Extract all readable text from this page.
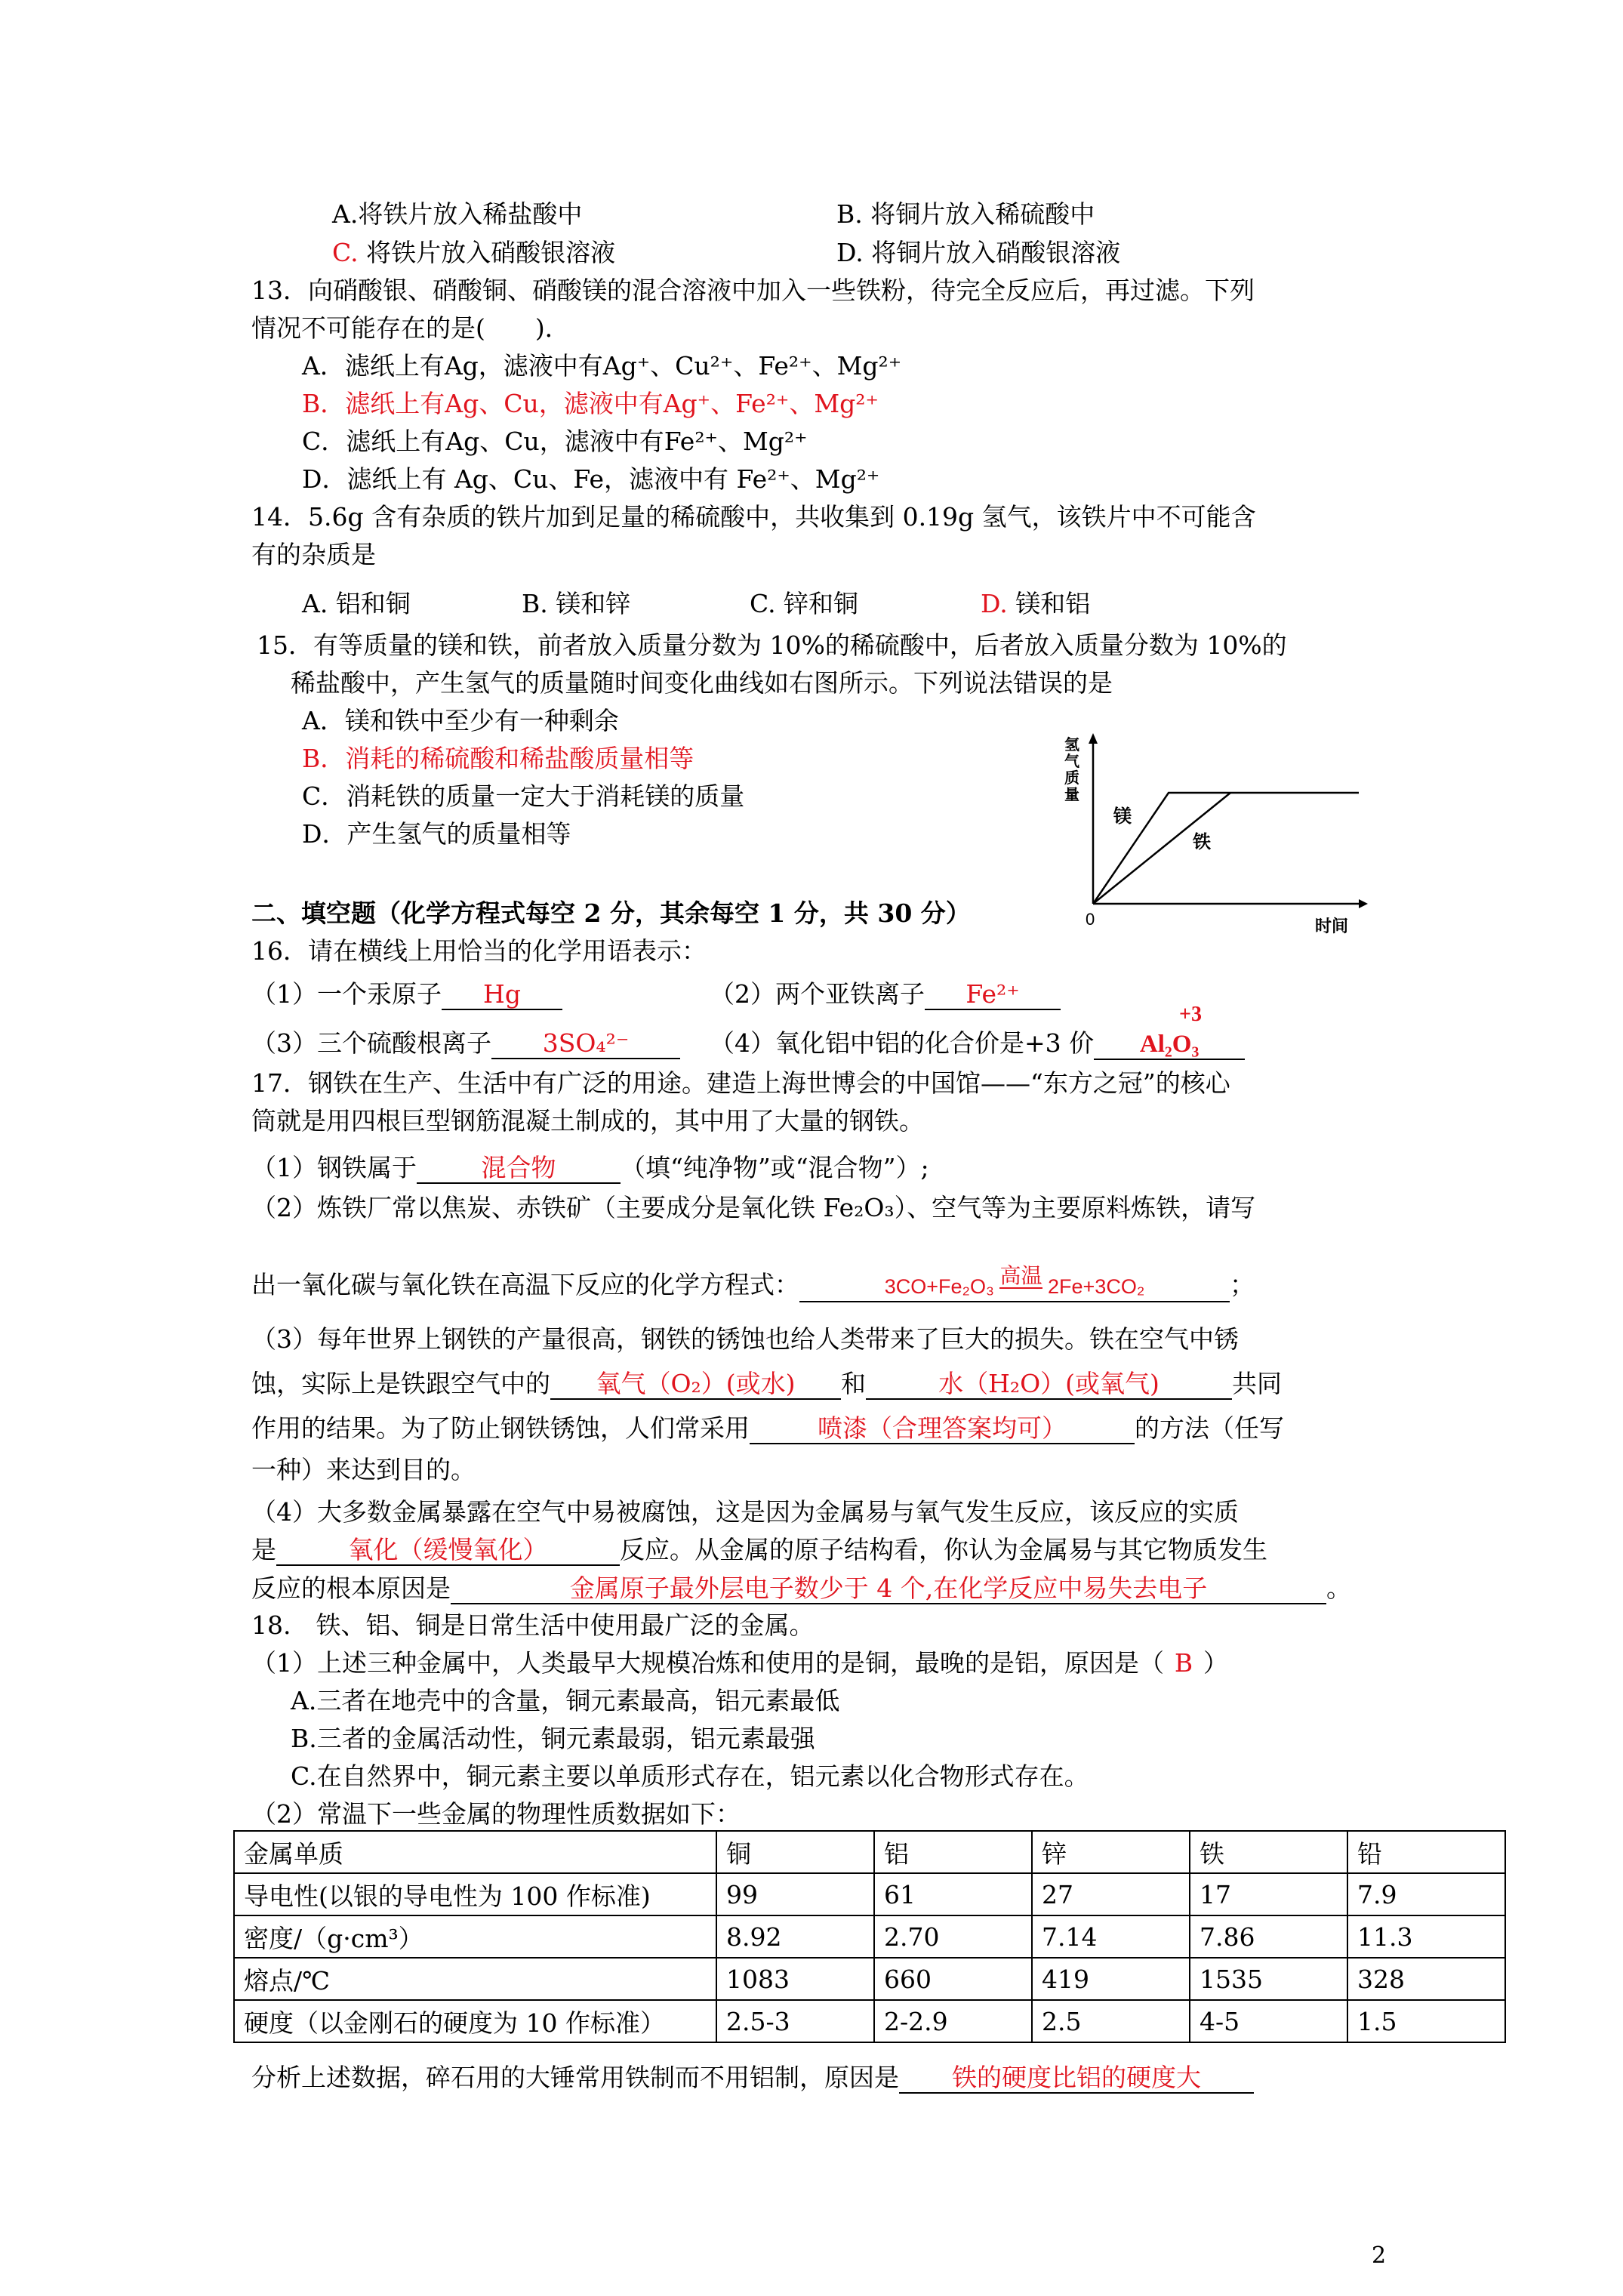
A.将铁片放入稀盐酸中	B. 将铜片放入稀硫酸中
C. 将铁片放入硝酸银溶液	D. 将铜片放入硝酸银溶液
13．向硝酸银、硝酸铜、硝酸镁的混合溶液中加入一些铁粉，待完全反应后，再过滤。下列
情况不可能存在的是(　　)．
A．滤纸上有Ag，滤液中有Ag⁺、Cu²⁺、Fe²⁺、Mg²⁺
B．滤纸上有Ag、Cu，滤液中有Ag⁺、Fe²⁺、Mg²⁺
C．滤纸上有Ag、Cu，滤液中有Fe²⁺、Mg²⁺
D．滤纸上有 Ag、Cu、Fe，滤液中有 Fe²⁺、Mg²⁺
14．5.6g 含有杂质的铁片加到足量的稀硫酸中，共收集到 0.19g 氢气，该铁片中不可能含
有的杂质是
A. 铝和铜	B. 镁和锌	C. 锌和铜	D. 镁和铝
15．有等质量的镁和铁，前者放入质量分数为 10%的稀硫酸中，后者放入质量分数为 10%的
稀盐酸中，产生氢气的质量随时间变化曲线如右图所示。下列说法错误的是
A．镁和铁中至少有一种剩余
B．消耗的稀硫酸和稀盐酸质量相等
C．消耗铁的质量一定大于消耗镁的质量
D．产生氢气的质量相等
0	时间
镁
铁
氢气质量
二、填空题（化学方程式每空 2 分，其余每空 1 分，共 30 分）
16．请在横线上用恰当的化学用语表示：
（1）一个汞原子 Hg	（2）两个亚铁离子 Fe²⁺
（3）三个硫酸根离子 3SO₄²⁻	（4）氧化铝中铝的化合价是+3 价 Al₂O₃
+3
17．钢铁在生产、生活中有广泛的用途。建造上海世博会的中国馆——“东方之冠”的核心
筒就是用四根巨型钢筋混凝土制成的，其中用了大量的钢铁。
（1）钢铁属于	混合物	（填“纯净物”或“混合物”）;
（2）炼铁厂常以焦炭、赤铁矿（主要成分是氧化铁 Fe₂O₃）、空气等为主要原料炼铁，请写
出一氧化碳与氧化铁在高温下反应的化学方程式：	3CO+Fe₂O₃ 高温 2Fe+3CO₂	；
（3）每年世界上钢铁的产量很高，钢铁的锈蚀也给人类带来了巨大的损失。铁在空气中锈
蚀，实际上是铁跟空气中的 氧气（O₂）(或水) 和	水（H₂O）(或氧气)	共同
作用的结果。为了防止钢铁锈蚀，人们常采用	喷漆（合理答案均可）	的方法（任写
一种）来达到目的。
（4）大多数金属暴露在空气中易被腐蚀，这是因为金属易与氧气发生反应，该反应的实质
是	氧化（缓慢氧化）	反应。从金属的原子结构看，你认为金属易与其它物质发生
反应的根本原因是	金属原子最外层电子数少于 4 个,在化学反应中易失去电子	。
18.　铁、铝、铜是日常生活中使用最广泛的金属。
（1）上述三种金属中，人类最早大规模冶炼和使用的是铜，最晚的是铝，原因是（ B ）
A.三者在地壳中的含量，铜元素最高，铝元素最低
B.三者的金属活动性，铜元素最弱，铝元素最强
C.在自然界中，铜元素主要以单质形式存在，铝元素以化合物形式存在。
（2）常温下一些金属的物理性质数据如下：
金属单质	铜	铝	锌	铁	铅
导电性(以银的导电性为 100 作标准)	99	61	27	17	7.9
密度/（g·cm³）	8.92	2.70	7.14	7.86	11.3
熔点/℃	1083	660	419	1535	328
硬度（以金刚石的硬度为 10 作标准）	2.5-3	2-2.9	2.5	4-5	1.5
分析上述数据，碎石用的大锤常用铁制而不用铝制，原因是 铁的硬度比铝的硬度大
2
